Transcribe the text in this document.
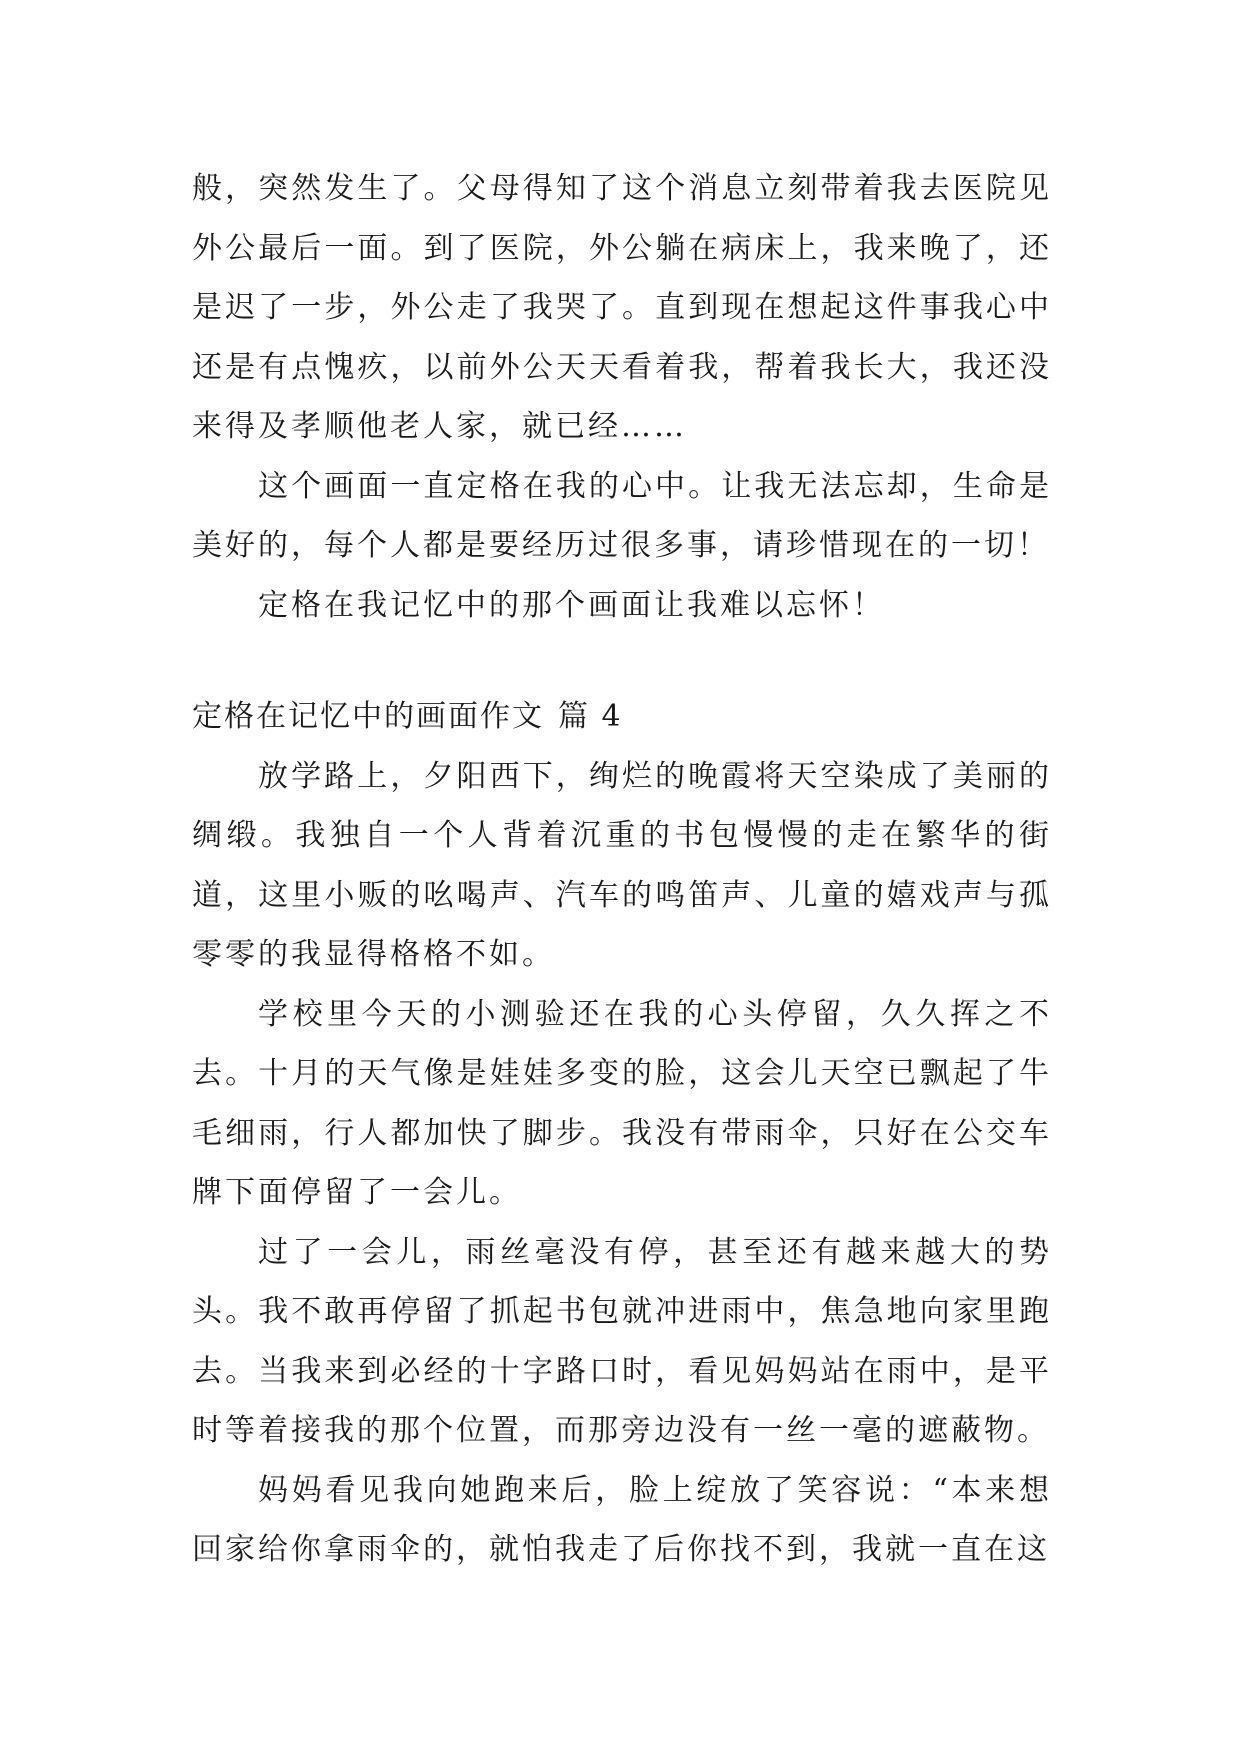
般，突然发生了。父母得知了这个消息立刻带着我去医院见外公最后一面。到了医院，外公躺在病床上，我来晚了，还是迟了一步，外公走了我哭了。直到现在想起这件事我心中还是有点愧疚，以前外公天天看着我，帮着我长大，我还没来得及孝顺他老人家，就已经……

这个画面一直定格在我的心中。让我无法忘却，生命是美好的，每个人都是要经历过很多事，请珍惜现在的一切！

定格在我记忆中的那个画面让我难以忘怀！

定格在记忆中的画面作文 篇 4

放学路上，夕阳西下，绚烂的晚霞将天空染成了美丽的绸缎。我独自一个人背着沉重的书包慢慢的走在繁华的街道，这里小贩的吆喝声、汽车的鸣笛声、儿童的嬉戏声与孤零零的我显得格格不如。

学校里今天的小测验还在我的心头停留，久久挥之不去。十月的天气像是娃娃多变的脸，这会儿天空已飘起了牛毛细雨，行人都加快了脚步。我没有带雨伞，只好在公交车牌下面停留了一会儿。

过了一会儿，雨丝毫没有停，甚至还有越来越大的势头。我不敢再停留了抓起书包就冲进雨中，焦急地向家里跑去。当我来到必经的十字路口时，看见妈妈站在雨中，是平时等着接我的那个位置，而那旁边没有一丝一毫的遮蔽物。

妈妈看见我向她跑来后，脸上绽放了笑容说：“本来想回家给你拿雨伞的，就怕我走了后你找不到，我就一直在这
